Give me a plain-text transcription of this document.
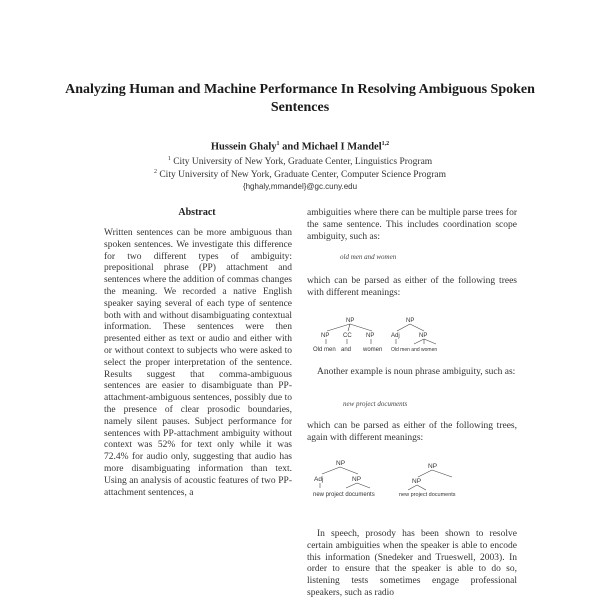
Analyzing Human and Machine Performance In Resolving Ambiguous Spoken Sentences
Hussein Ghaly$^1$ and Michael I Mandel$^{1,2}$
$^1$ City University of New York, Graduate Center, Linguistics Program
$^2$ City University of New York, Graduate Center, Computer Science Program
{hghaly,mmandel}@gc.cuny.edu
Abstract

Written sentences can be more ambiguous than spoken sentences. We investigate this difference for two different types of ambiguity: prepositional phrase (PP) attachment and sentences where the addition of commas changes the meaning. We recorded a native English speaker saying several of each type of sentence both with and without disambiguating contextual information. These sentences were then presented either as text or audio and either with or without context to subjects who were asked to select the proper interpretation of the sentence. Results suggest that comma-ambiguous sentences are easier to disambiguate than PP-attachment-ambiguous sentences, possibly due to the presence of clear prosodic boundaries, namely silent pauses. Subject performance for sentences with PP-attachment ambiguity without context was 52% for text only while it was 72.4% for audio only, suggesting that audio has more disambiguating information than text. Using an analysis of acoustic features of two PP-attachment sentences, a

ambiguities where there can be multiple parse trees for the same sentence. This includes coordination scope ambiguity, such as:

old men and women

which can be parsed as either of the following trees with different meanings:

NP
NP CC NP
Old men and women
NP
Adj	NP
Old men and women

Another example is noun phrase ambiguity, such as:

new project documents

which can be parsed as either of the following trees, again with different meanings:

NP
Adj	NP
new project documents
NP
NP
new project documents

In speech, prosody has been shown to resolve certain ambiguities when the speaker is able to encode this information (Snedeker and Trueswell, 2003). In order to ensure that the speaker is able to do so, listening tests sometimes engage professional speakers, such as radio
